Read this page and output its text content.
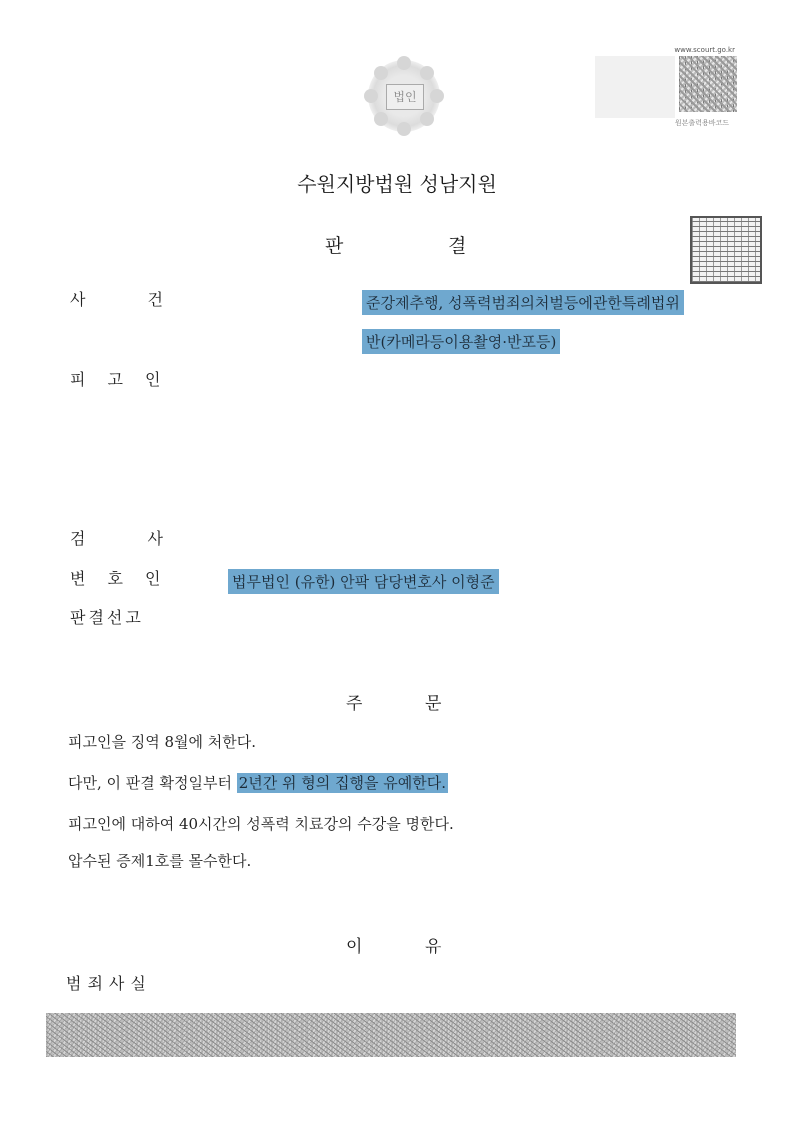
법인
www.scourt.go.kr
원본출력용바코드
수원지방법원 성남지원
판	결
사	건	준강제추행, 성폭력범죄의처벌등에관한특례법위
반(카메라등이용촬영·반포등)
피 고 인
검	사
변 호 인	법무법인 (유한) 안팍 담당변호사 이형준
판결선고
주	문
피고인을 징역 8월에 처한다.
다만, 이 판결 확정일부터 2년간 위 형의 집행을 유예한다.
피고인에 대하여 40시간의 성폭력 치료강의 수강을 명한다.
압수된 증제1호를 몰수한다.
이	유
범죄사실
